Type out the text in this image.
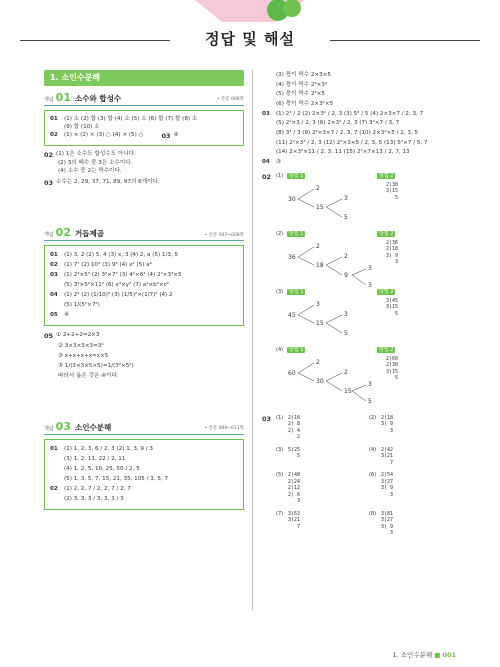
정답 및 해설
1. 소인수분해
개념 01 소수와 합성수	• 본문 006쪽
01	(1) 소 (2) 합 (3) 합 (4) 소 (5) 소 (6) 합 (7) 합 (8) 소
(9) 합 (10) 소
02	(1) × (2) × (3) ○ (4) × (5) ○	03 ④
02 (1) 1은 소수도 합성수도 아니다.
(2) 3의 배수 중 3은 소수이다.
(4) 소수 중 2는 짝수이다.
03 소수는 2, 29, 37, 71, 89, 97의 6개이다.
개념 02 거듭제곱	• 본문 007~008쪽
01	(1) 3, 2 (2) 5, 4 (3) x, 3 (4) 2, a (5) 1/3, 5
02	(1) 7⁷ (2) 10³ (3) 9³ (4) x⁴ (5) a⁶
03	(1) 2³×5³ (2) 3²×7² (3) 4²×6⁴ (4) 2²×3³×5
(5) 3³×5²×11² (6) x³×y³ (7) a²×b³×c²
04	(1) 2⁴ (2) (1/10)³ (3) (1/5)²×(1/7)² (4) 2
(5) 1/(5²×7²)
05	④
05 ① 2+2+2=2×3
② 3×3×3×3=3⁴
③ x+x+x+x=x×5
⑤ 1/(3×3×5×5)=1/(3²×5²)
따라서 옳은 것은 ④이다.
개념 03 소인수분해	• 본문 009~011쪽
01	(1) 1, 2, 3, 6 / 2, 3 (2) 1, 3, 9 / 3
(3) 1, 2, 11, 22 / 2, 11
(4) 1, 2, 5, 10, 25, 50 / 2, 5
(5) 1, 3, 5, 7, 15, 21, 35, 105 / 3, 5, 7
02	(1) 2, 2, 7 / 2, 2, 7 / 2, 7
(2) 3, 3, 3 / 3, 3, 3 / 3
(3) 몫이 짝수 2×3×5
(4) 몫이 짝수 2³×3²
(5) 몫이 짝수 2³×5
(6) 몫이 짝수 2×3²×5
03	(1) 2³ / 2 (2) 2×3² / 2, 3 (3) 5³ / 5 (4) 2×3×7 / 2, 3, 7
(5) 2²×3 / 2, 3 (6) 2×3² / 2, 3 (7) 3²×7 / 3, 7
(8) 3⁴ / 3 (9) 2²×3×7 / 2, 3, 7 (10) 2×3²×5 / 2, 3, 5
(11) 2²×3³ / 2, 3 (12) 2²×3×5 / 2, 3, 5 (13) 5²×7 / 5, 7
(14) 2×3²×11 / 2, 3, 11 (15) 2²×7×13 / 2, 7, 13
04	③
02 (1)	방법 1
30
2
15
3
5
방법 2
2)30
3)15
5
(2)	방법 1
36
2
18
2
9
3
3
방법 2
2)36
2)18
3) 9
3
(3)	방법 1
45
3
15
3
5
방법 2
3)45
3)15
5
(4)	방법 1
60
2
30
2
15
3
5
방법 2
2)60
2)30
3)15
5
03 (1) 2)16
2) 8
2) 4
2
(2) 2)18
3) 9
3
(3) 5)25
5
(4) 2)42
3)21
7
(5) 2)48
2)24
2)12
2) 6
3
(6) 2)54
3)27
3) 9
3
(7) 3)63
3)21
7
(8) 3)81
3)27
3) 9
3
1. 소인수분해 ■ 001
